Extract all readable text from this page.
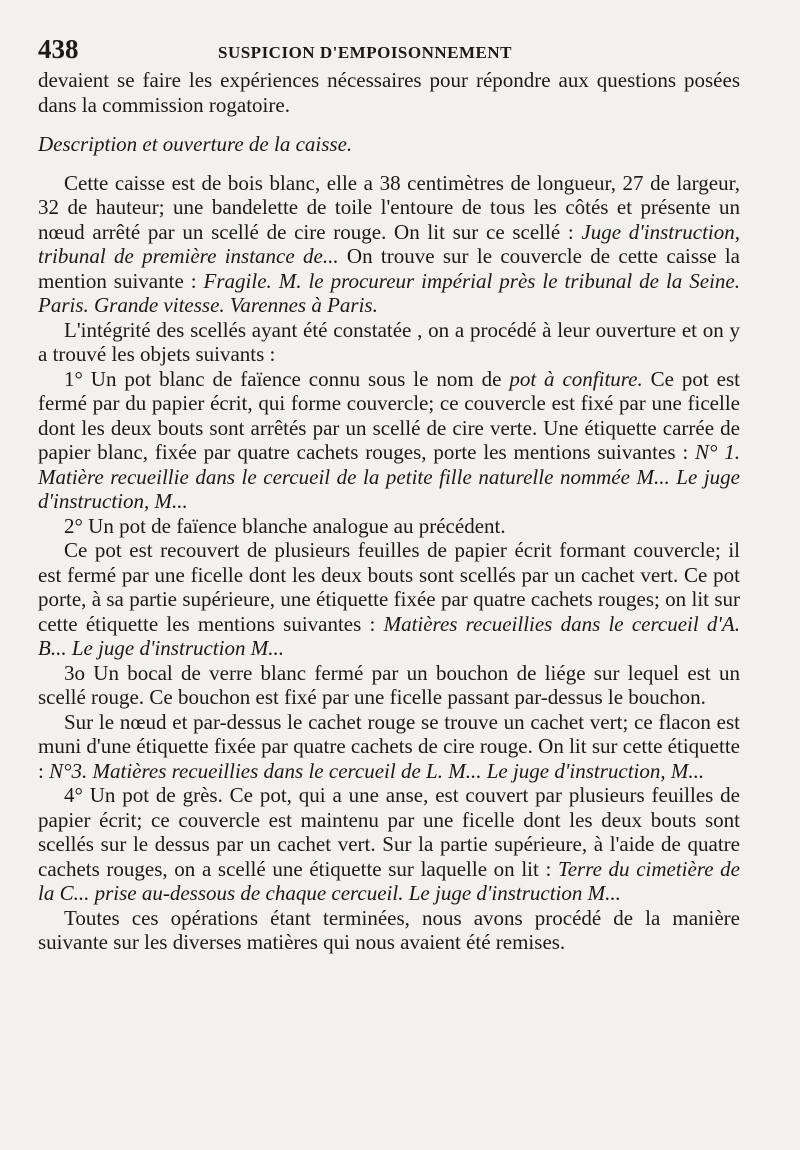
438	SUSPICION D'EMPOISONNEMENT

devaient se faire les expériences nécessaires pour répondre aux questions posées dans la commission rogatoire.

Description et ouverture de la caisse.

Cette caisse est de bois blanc, elle a 38 centimètres de longueur, 27 de largeur, 32 de hauteur; une bandelette de toile l'entoure de tous les côtés et présente un nœud arrêté par un scellé de cire rouge. On lit sur ce scellé : Juge d'instruction, tribunal de première instance de... On trouve sur le couvercle de cette caisse la mention suivante : Fragile. M. le procureur impérial près le tribunal de la Seine. Paris. Grande vitesse. Varennes à Paris.

L'intégrité des scellés ayant été constatée , on a procédé à leur ouverture et on y a trouvé les objets suivants :

1° Un pot blanc de faïence connu sous le nom de pot à confiture. Ce pot est fermé par du papier écrit, qui forme couvercle; ce couvercle est fixé par une ficelle dont les deux bouts sont arrêtés par un scellé de cire verte. Une étiquette carrée de papier blanc, fixée par quatre cachets rouges, porte les mentions suivantes : N° 1. Matière recueillie dans le cercueil de la petite fille naturelle nommée M... Le juge d'instruction, M...

2° Un pot de faïence blanche analogue au précédent.

Ce pot est recouvert de plusieurs feuilles de papier écrit formant couvercle; il est fermé par une ficelle dont les deux bouts sont scellés par un cachet vert. Ce pot porte, à sa partie supérieure, une étiquette fixée par quatre cachets rouges; on lit sur cette étiquette les mentions suivantes : Matières recueillies dans le cercueil d'A. B... Le juge d'instruction M...

3o Un bocal de verre blanc fermé par un bouchon de liége sur lequel est un scellé rouge. Ce bouchon est fixé par une ficelle passant par-dessus le bouchon.

Sur le nœud et par-dessus le cachet rouge se trouve un cachet vert; ce flacon est muni d'une étiquette fixée par quatre cachets de cire rouge. On lit sur cette étiquette : N°3. Matières recueillies dans le cercueil de L. M... Le juge d'instruction, M...

4° Un pot de grès. Ce pot, qui a une anse, est couvert par plusieurs feuilles de papier écrit; ce couvercle est maintenu par une ficelle dont les deux bouts sont scellés sur le dessus par un cachet vert. Sur la partie supérieure, à l'aide de quatre cachets rouges, on a scellé une étiquette sur laquelle on lit : Terre du cimetière de la C... prise au-dessous de chaque cercueil. Le juge d'instruction M...

Toutes ces opérations étant terminées, nous avons procédé de la manière suivante sur les diverses matières qui nous avaient été remises.
